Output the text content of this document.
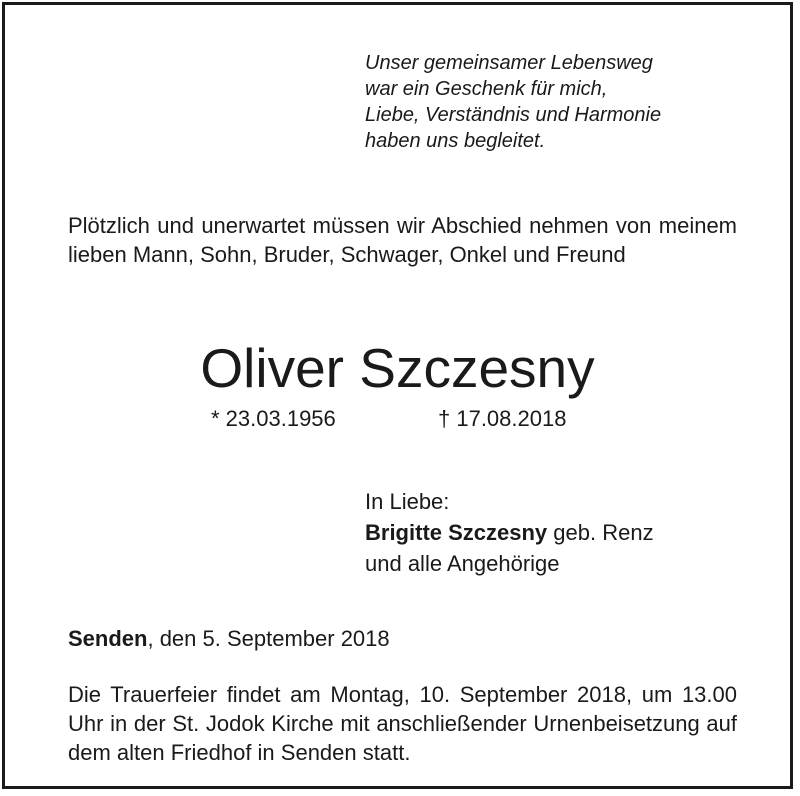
Unser gemeinsamer Lebensweg
war ein Geschenk für mich,
Liebe, Verständnis und Harmonie
haben uns begleitet.
Plötzlich und unerwartet müssen wir Abschied nehmen von meinem lieben Mann, Sohn, Bruder, Schwager, Onkel und Freund
Oliver Szczesny
* 23.03.1956	† 17.08.2018
In Liebe:
Brigitte Szczesny geb. Renz
und alle Angehörige
Senden, den 5. September 2018
Die Trauerfeier findet am Montag, 10. September 2018, um 13.00 Uhr in der St. Jodok Kirche mit anschließender Urnenbeisetzung auf dem alten Friedhof in Senden statt.
